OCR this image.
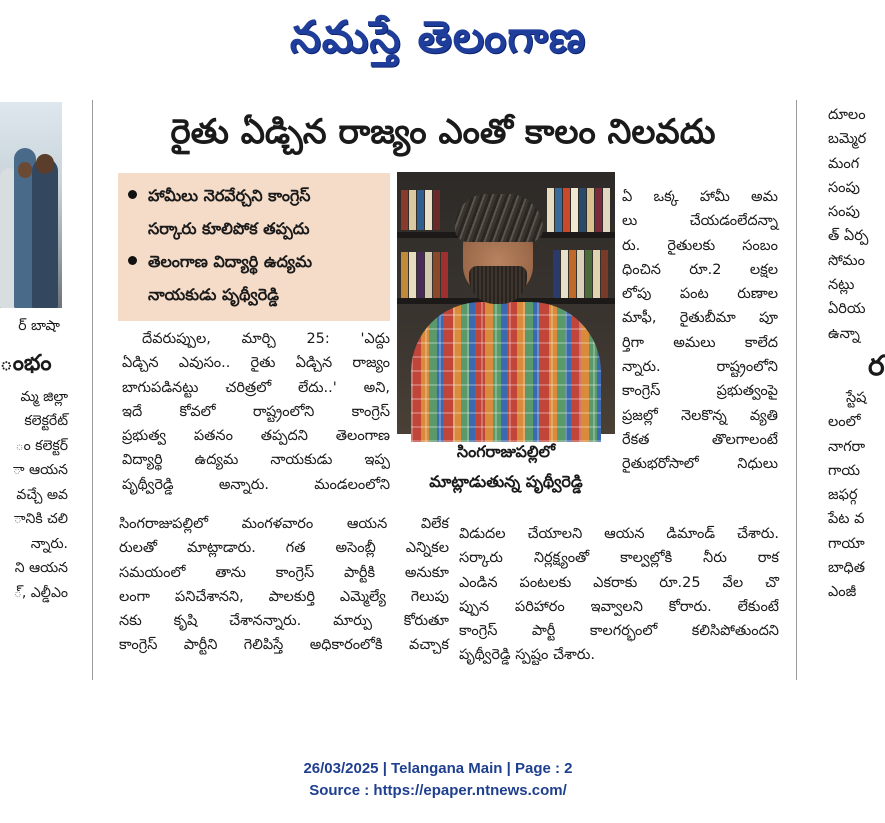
నమస్తే తెలంగాణ
ర్ బాషా
ంభం

మ్మ జిల్లా

కలెక్టరేట్

ం కలెక్టర్

ా ఆయన

వచ్చే అవ

ానికి చలి

న్నారు.

ని ఆయన

్, ఎల్డీఎం

రైతు ఏడ్చిన రాజ్యం ఎంతో కాలం నిలవదు
హామీలు నెరవేర్చని కాంగ్రెస్
సర్కారు కూలిపోక తప్పదు
తెలంగాణ విద్యార్థి ఉద్యమ
నాయకుడు పృథ్వీరెడ్డి
సింగరాజుపల్లిలో
మాట్లాడుతున్న పృథ్వీరెడ్డి

దేవరుప్పుల, మార్చి 25: 'ఎద్దు

ఏడ్చిన ఎవుసం.. రైతు ఏడ్చిన రాజ్యం

బాగుపడినట్టు చరిత్రలో లేదు..' అని,

ఇదే కోవలో రాష్ట్రంలోని కాంగ్రెస్

ప్రభుత్వ పతనం తప్పదని తెలంగాణ

విద్యార్థి ఉద్యమ నాయకుడు ఇప్ప

పృథ్వీరెడ్డి అన్నారు. మండలంలోని

సింగరాజుపల్లిలో మంగళవారం ఆయన విలేక

రులతో మాట్లాడారు. గత అసెంబ్లీ ఎన్నికల

సమయంలో తాను కాంగ్రెస్ పార్టీకి అనుకూ

లంగా పనిచేశానని, పాలకుర్తి ఎమ్మెల్యే గెలుపు

నకు కృషి చేశానన్నారు. మార్పు కోరుతూ

కాంగ్రెస్ పార్టీని గెలిపిస్తే అధికారంలోకి వచ్చాక

ఏ ఒక్క హామీ అమ

లు చేయడంలేదన్నా

రు. రైతులకు సంబం

ధించిన రూ.2 లక్షల

లోపు పంట రుణాల

మాఫీ, రైతుబీమా పూ

ర్తిగా అమలు కాలేద

న్నారు. రాష్ట్రంలోని

కాంగ్రెస్ ప్రభుత్వంపై

ప్రజల్లో నెలకొన్న వ్యతి

రేకత తొలగాలంటే

రైతుభరోసాలో నిధులు

విడుదల చేయాలని ఆయన డిమాండ్ చేశారు.

సర్కారు నిర్లక్ష్యంతో కాల్వల్లోకి నీరు రాక

ఎండిన పంటలకు ఎకరాకు రూ.25 వేల చొ

ప్పున పరిహారం ఇవ్వాలని కోరారు. లేకుంటే

కాంగ్రెస్ పార్టీ కాలగర్భంలో కలిసిపోతుందని

పృథ్వీరెడ్డి స్పష్టం చేశారు.

దూలం

బమ్మెర

మంగ

సంపు

సంపు

త్ ఏర్ప

సోమం

నట్లు

ఏరియ

ఉన్నా

ర

స్టేష

లంలో

నాగరా

గాయ

జఫర్గ

పేట వ

గాయా

బాధిత

ఎంజీ

26/03/2025 | Telangana Main | Page : 2
Source : https://epaper.ntnews.com/
